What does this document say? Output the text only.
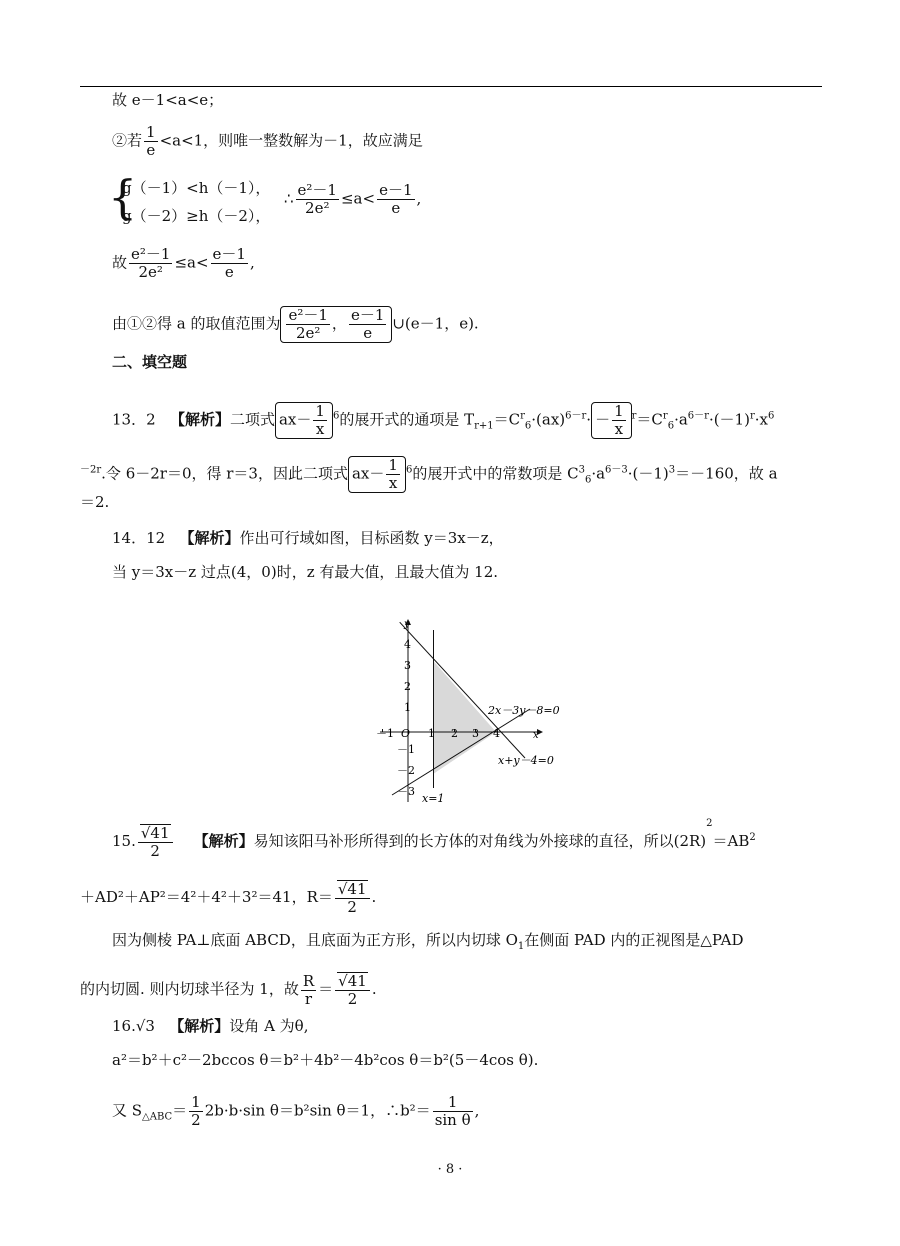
故 e－1<a<e；
②若 $\frac{1}{e} <a<1$，则唯一整数解为－1，故应满足
{
g（－1）<h（－1），
g（－2）≥h（－2），
∴ $\frac{\text{e²－1}}{\text{2e²}} \le a< \frac{e-1}{e}$ ,
故 $\frac{\text{e²－1}}{\text{2e²}} \le a< \frac{e-1}{e}$ ,
由①②得 a 的取值范围为 $\frac{\text{e²－1}}{\text{2e²}}$ ， $\frac{e-1}{e}$ ∪(e－1，e).
二、填空题
13．2 【解析】二项式 $ax- \frac{1}{x} ^6$的展开式的通项是 $T_{r+1}=C^r_6\cdot(ax)^{6-r}\cdot - \frac{1}{x} ^r=C^r_6\cdot a^{6-r}\cdot(-1)^r\cdot x^6$
$^{-2r}$.令 6－2r＝0，得 r＝3，因此二项式 $ax- \frac{1}{x} ^6$的展开式中的常数项是 $C^3_6\cdot a^{6-3}\cdot(-1)^3=-160$，故 a
＝2.
14．12 【解析】作出可行域如图，目标函数 y＝3x－z，
当 y＝3x－z 过点(4，0)时，z 有最大值，且最大值为 12.
－1	1 2 3 4
O	x
y
4
3
2
1
－1
－2
－3
2x－3y－8=0
x+y－4=0
x=1
15. $\frac{√41}{2}$ 【解析】易知该阳马补形所得到的长方体的对角线为外接球的直径，所以$(2R)^2=AB^2$
＋AD²＋AP²＝4²＋4²＋3²＝41，$R= \frac{√41}{2}$ .
因为侧棱 PA⊥底面 ABCD，且底面为正方形，所以内切球 $O_1$在侧面 PAD 内的正视图是△PAD
的内切圆. 则内切球半径为 1，故 $\frac{R}{r} = \frac{√41}{2}$ .
16.√3 【解析】设角 A 为θ,
a²＝b²＋c²－2bccos θ＝b²＋4b²－4b²cos θ＝b²(5－4cos θ).
又 $S_{\triangle ABC}= \frac{1}{2} 2b\cdot b\cdot\sin$ θ＝b²sin θ＝1，∴b²＝ $\frac{1}{\text{sin θ}}$ ,
· 8 ·
